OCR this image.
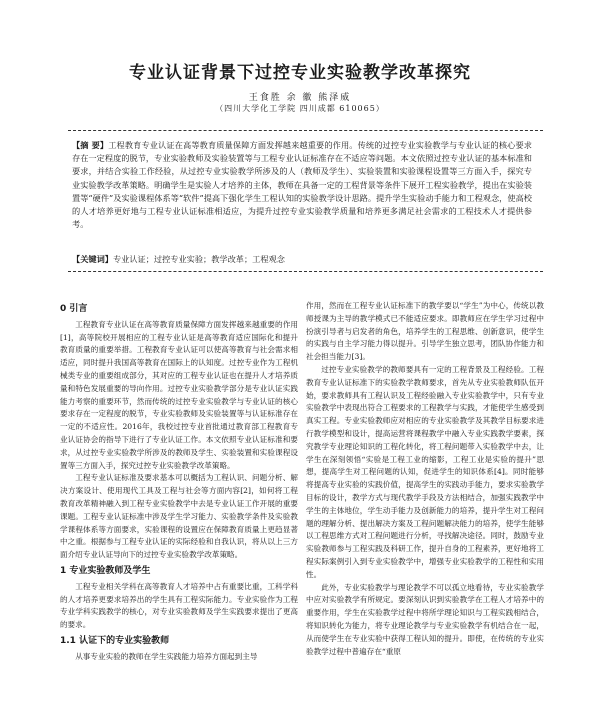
专业认证背景下过控专业实验教学改革探究
王食胜 余 徽 熊泽威
（四川大学化工学院 四川成都 610065）
【摘 要】工程教育专业认证在高等教育质量保障方面发挥越来越重要的作用。传统的过控专业实验教学与专业认证的核心要求存在一定程度的脱节，专业实验教师及实验装置等与工程专业认证标准存在不适应等问题。本文依照过控专业认证的基本标准和要求，并结合实验工作经验，从过控专业实验教学所涉及的人（教师及学生）、实验装置和实验课程设置等三方面入手，探究专业实验教学改革策略。明确学生是实验人才培养的主体，教师在具备一定的工程背景等条件下展开工程实验教学，提出在实验装置等“硬件”及实验课程体系等“软件”提高下强化学生工程认知的实验教学设计思路。提升学生实验动手能力和工程观念，使高校的人才培养更好地与工程专业认证标准相适应，为提升过控专业实验教学质量和培养更多满足社会需求的工程技术人才提供参考。
【关键词】专业认证；过控专业实验；教学改革；工程观念

0 引言

工程教育专业认证在高等教育质量保障方面发挥越来越重要的作用[1]，高等院校开展相应的工程专业认证是高等教育适应国际化和提升教育质量的重要举措。工程教育专业认证可以使高等教育与社会需求相适应，同时提升我国高等教育在国际上的认知度。过控专业作为工程机械类专业的重要组成部分，其对应的工程专业认证也在提升人才培养质量和特色发展重要的导向作用。过控专业实验教学部分是专业认证实践能力考察的重要环节，然而传统的过控专业实验教学与专业认证的核心要求存在一定程度的脱节，专业实验教师及实验装置等与认证标准存在一定的不适应性。2016年，我校过控专业首批通过教育部工程教育专业认证协会的指导下进行了专业认证工作。本文依照专业认证标准和要求，从过控专业实验教学所涉及的教师及学生、实验装置和实验课程设置等三方面入手，探究过控专业实验教学改革策略。

工程专业认证标准及要求基本可以概括为工程认识、问题分析、解决方案设计、使用现代工具及工程与社会等方面内容[2]，如何将工程教育改革精神融入到工程专业实验教学中去是专业认证工作开展的重要课题。工程专业认证标准中涉及学生学习能力、实验教学条件及实验教学课程体系等方面要求，实验课程的设置应在保障教育质量上更趋显著中之重。根据参与工程专业认证的实际经验和自我认识，将从以上三方面介绍专业认证导向下的过控专业实验教学改革策略。

1 专业实验教师及学生

工程专业相关学科在高等教育人才培养中占有重要比重，工科学科的人才培养更要求培养出的学生具有工程实际能力。专业实验作为工程专业学科实践教学的核心，对专业实验教师及学生实践要求提出了更高的要求。

1.1 认证下的专业实验教师

从事专业实验的教师在学生实践能力培养方面起到主导

作用，然而在工程专业认证标准下的教学要以“学生”为中心，传统以教师授课为主导的教学模式已不能适应要求。即教师应在学生学习过程中扮演引导者与启发者的角色，培养学生的工程思维、创新意识，使学生的实践与自主学习能力得以提升。引导学生独立思考，团队协作能力和社会担当能力[3]。

过控专业实验教学的教师要具有一定的工程背景及工程经验。工程教育专业认证标准下的实验教学教师要求，首先从专业实验教师队伍开始，要求教师具有工程认识及工程经验融入专业实验教学中，只有专业实验教学中表现出符合工程要求的工程教学与实践，才能使学生感受到真实工程。专业实验教师应对相应的专业实验教学及其教学目标要求进行教学模型和设计，提高运营将课程教学中融入专业实践教学要素，探究教学专业理论知识的工程化转化，将工程问题带入实验教学中去，让学生在深刻领悟“实验是工程工业的缩影，工程工业是实验的提升”思想，提高学生对工程问题的认知，促进学生的知识体系[4]。同时能够将提高专业实验的实践价值，提高学生的实践动手能力，要求实验教学目标的设计，教学方式与现代教学手段及方法相结合，加强实践教学中学生的主体地位，学生动手能力及创新能力的培养，提升学生对工程问题的理解分析、提出解决方案及工程问题解决能力的培养，使学生能够以工程思维方式对工程问题进行分析，寻找解决途径。同时，鼓励专业实验教师参与工程实践及科研工作，提升自身的工程素养，更好地将工程实际案例引入到专业实验教学中，增强专业实验教学的工程性和实用性。

此外，专业实验教学与理论教学不可以孤立地看待，专业实验教学中应对实验教学有所规定。要深刻认识到实验教学在工程人才培养中的重要作用，学生在实验教学过程中将所学理论知识与工程实践相结合，将知识转化为能力，将专业理论教学与专业实验教学有机结合在一起，从而使学生在专业实验中获得工程认知的提升。即使，在传统的专业实验教学过程中普遍存在“重原
